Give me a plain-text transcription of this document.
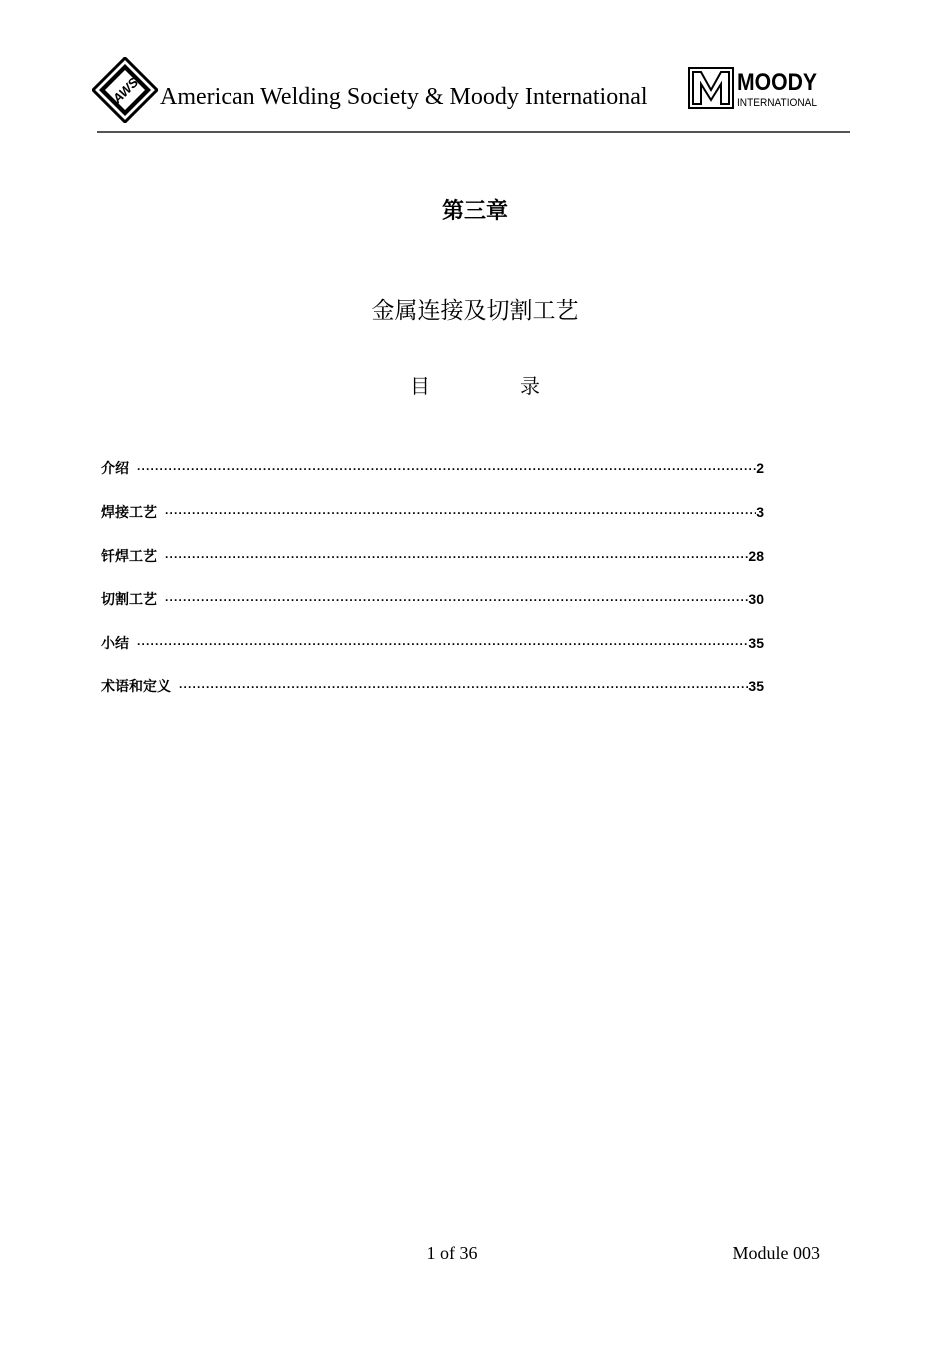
AWS American Welding Society & Moody International
MOODY
INTERNATIONAL
第三章
金属连接及切割工艺
目	录
介绍 ·····	2
焊接工艺 ·····	3
钎焊工艺 ·····	28
切割工艺 ·····	30
小结 ·····	35
术语和定义 ·····	35
1 of 36	Module 003
